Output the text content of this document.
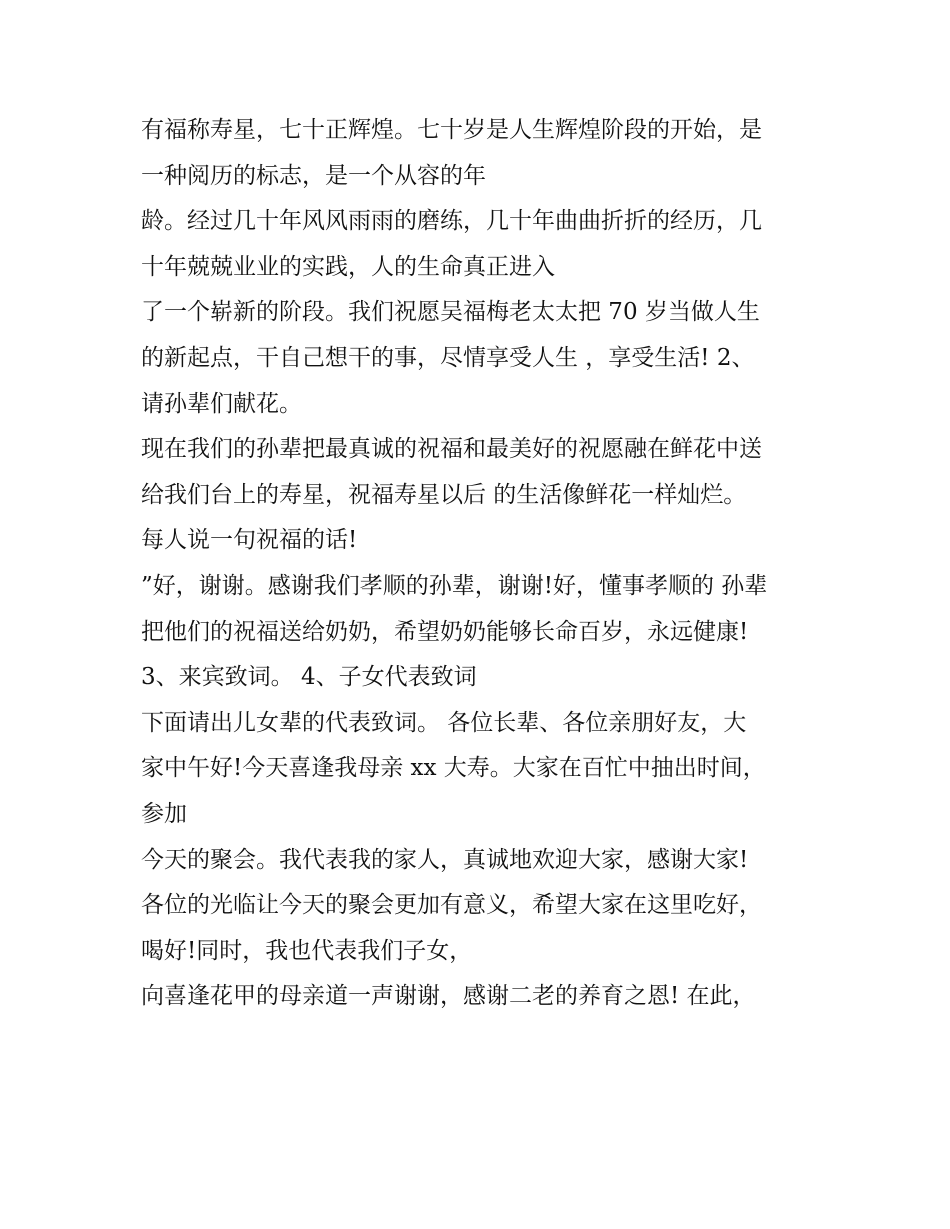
有福称寿星，七十正辉煌。七十岁是人生辉煌阶段的开始，是
一种阅历的标志，是一个从容的年
龄。经过几十年风风雨雨的磨练，几十年曲曲折折的经历，几
十年兢兢业业的实践，人的生命真正进入
了一个崭新的阶段。我们祝愿吴福梅老太太把 70 岁当做人生
的新起点，干自己想干的事，尽情享受人生 ，享受生活! 2、
请孙辈们献花。
现在我们的孙辈把最真诚的祝福和最美好的祝愿融在鲜花中送
给我们台上的寿星，祝福寿星以后 的生活像鲜花一样灿烂。
每人说一句祝福的话!
”好，谢谢。感谢我们孝顺的孙辈，谢谢!好，懂事孝顺的 孙辈
把他们的祝福送给奶奶，希望奶奶能够长命百岁，永远健康!
3、来宾致词。 4、子女代表致词
下面请出儿女辈的代表致词。 各位长辈、各位亲朋好友，大
家中午好!今天喜逢我母亲 xx 大寿。大家在百忙中抽出时间，
参加
今天的聚会。我代表我的家人，真诚地欢迎大家，感谢大家!
各位的光临让今天的聚会更加有意义，希望大家在这里吃好，
喝好!同时，我也代表我们子女，
向喜逢花甲的母亲道一声谢谢，感谢二老的养育之恩! 在此，
